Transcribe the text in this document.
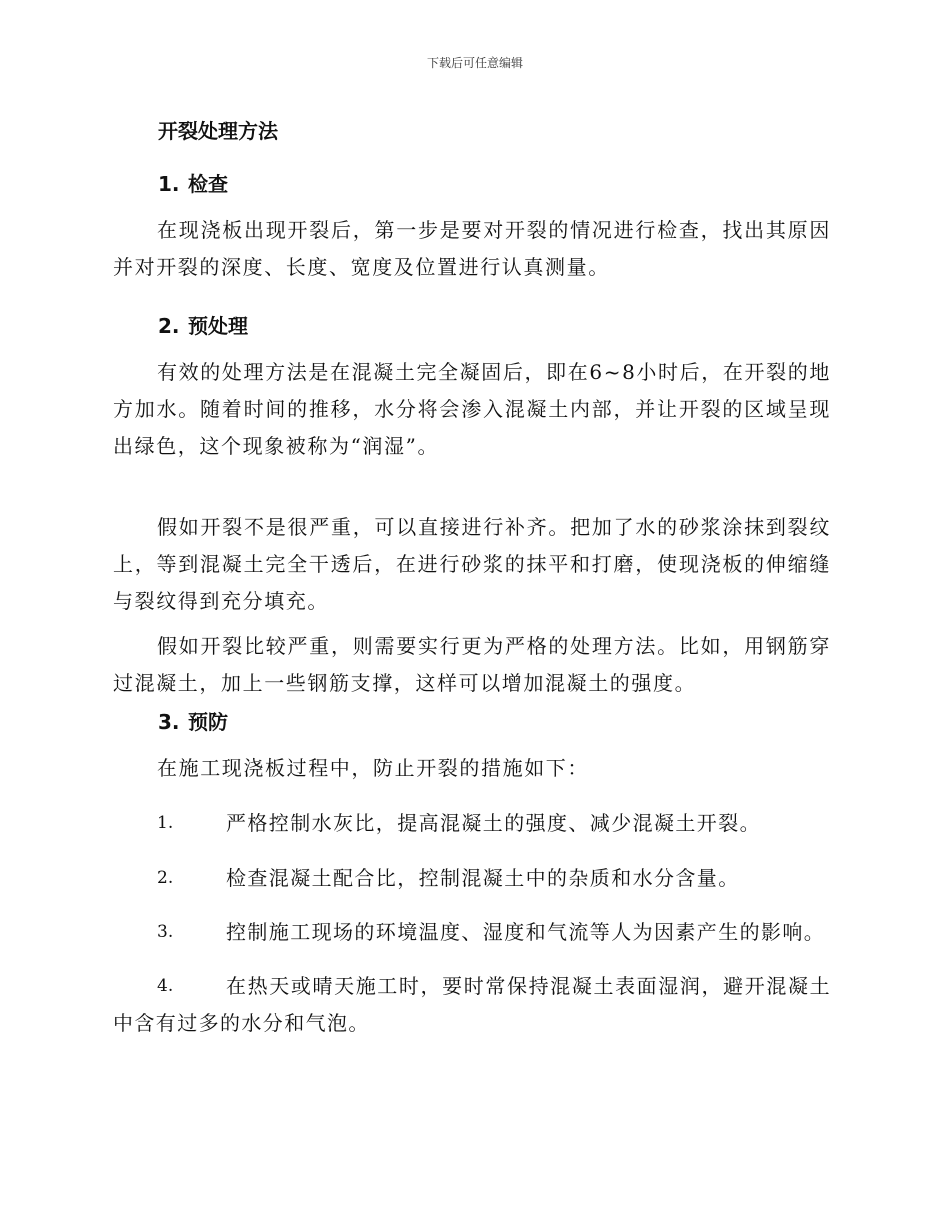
下载后可任意编辑
开裂处理方法
1. 检查
在现浇板出现开裂后，第一步是要对开裂的情况进行检查，找出其原因并对开裂的深度、长度、宽度及位置进行认真测量。
2. 预处理
有效的处理方法是在混凝土完全凝固后，即在6~8小时后，在开裂的地方加水。随着时间的推移，水分将会渗入混凝土内部，并让开裂的区域呈现出绿色，这个现象被称为“润湿”。
假如开裂不是很严重，可以直接进行补齐。把加了水的砂浆涂抹到裂纹上，等到混凝土完全干透后，在进行砂浆的抹平和打磨，使现浇板的伸缩缝与裂纹得到充分填充。
假如开裂比较严重，则需要实行更为严格的处理方法。比如，用钢筋穿过混凝土，加上一些钢筋支撑，这样可以增加混凝土的强度。
3. 预防
在施工现浇板过程中，防止开裂的措施如下：
1.	严格控制水灰比，提高混凝土的强度、减少混凝土开裂。
2.	检查混凝土配合比，控制混凝土中的杂质和水分含量。
3.	控制施工现场的环境温度、湿度和气流等人为因素产生的影响。
4.	在热天或晴天施工时，要时常保持混凝土表面湿润，避开混凝土中含有过多的水分和气泡。
